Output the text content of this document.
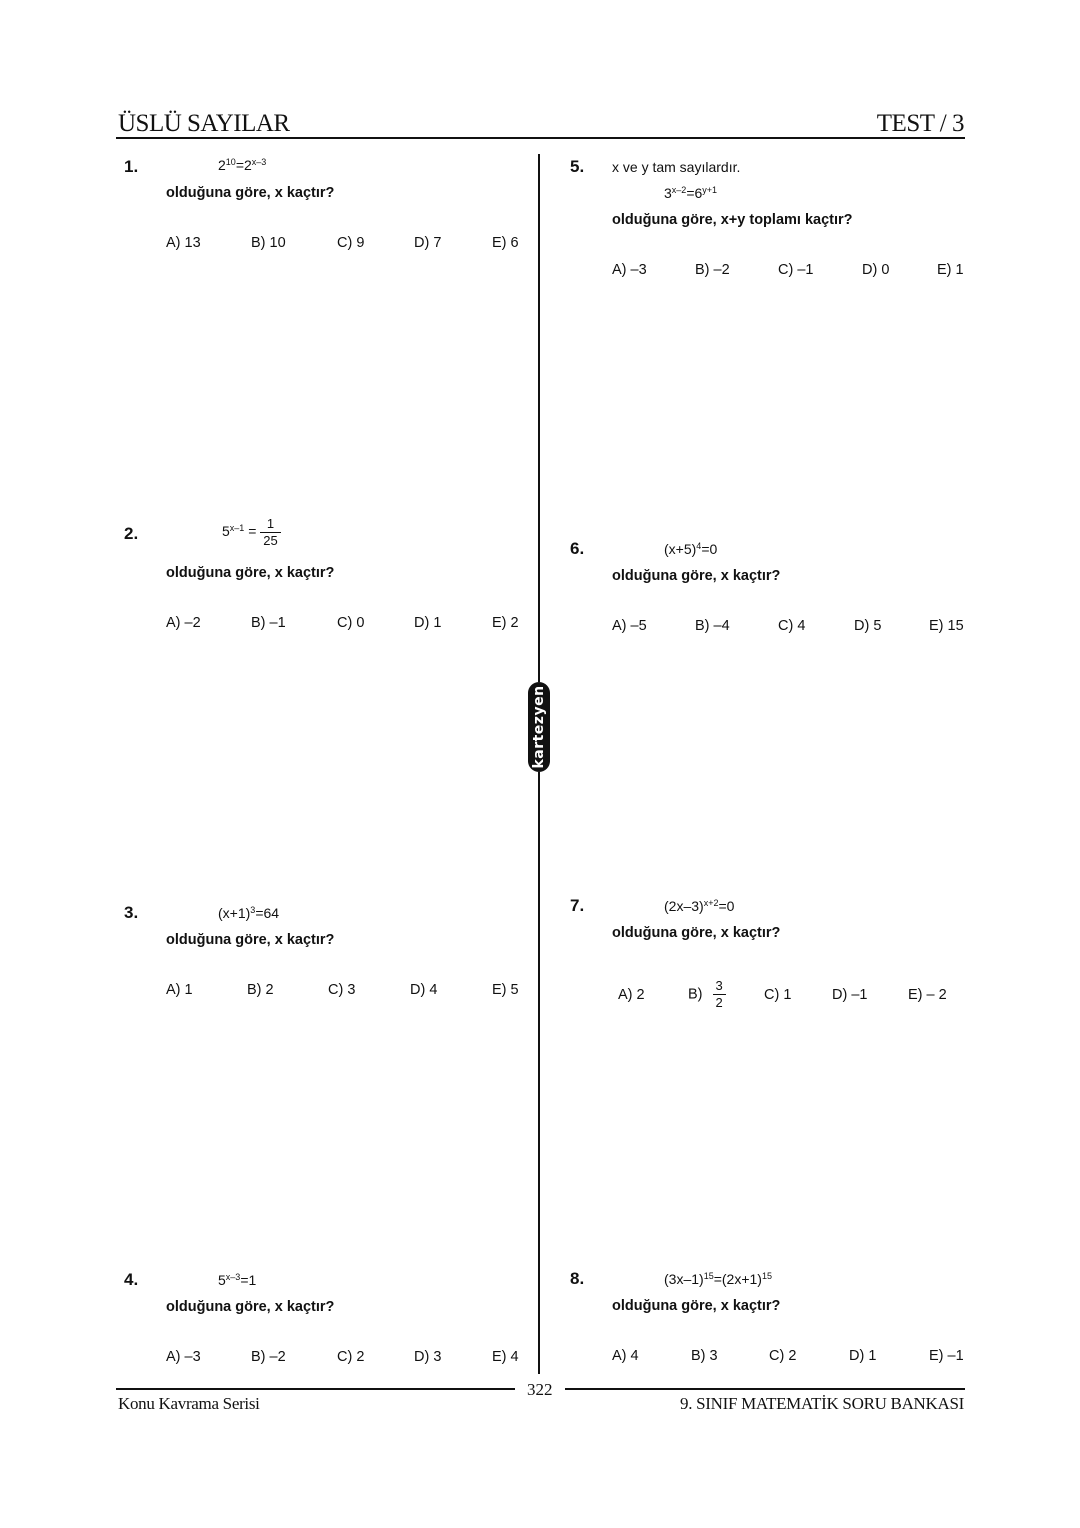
ÜSLÜ SAYILAR	TEST / 3
kartezyen
1.	$2^{10}=2^{x-3}$
olduğuna göre, x kaçtır?
A) 13	B) 10	C) 9	D) 7	E) 6
2.	$5^{x-1} = \frac{1}{25}$
olduğuna göre, x kaçtır?
A) –2	B) –1	C) 0	D) 1	E) 2
3.	$(x+1)^3=64$
olduğuna göre, x kaçtır?
A) 1	B) 2	C) 3	D) 4	E) 5
4.	$5^{x-3}=1$
olduğuna göre, x kaçtır?
A) –3	B) –2	C) 2	D) 3	E) 4
5. x ve y tam sayılardır.
$3^{x-2}=6^{y+1}$
olduğuna göre, x+y toplamı kaçtır?
A) –3	B) –2	C) –1	D) 0	E) 1
6.	$(x+5)^4=0$
olduğuna göre, x kaçtır?
A) –5	B) –4	C) 4	D) 5	E) 15
7.	$(2x-3)^{x+2}=0$
olduğuna göre, x kaçtır?
A) 2	$B) \frac{3}{2}$	C) 1	D) –1	E) – 2
8.	$(3x-1)^{15}=(2x+1)^{15}$
olduğuna göre, x kaçtır?
A) 4	B) 3	C) 2	D) 1	E) –1
322
Konu Kavrama Serisi	9. SINIF MATEMATİK SORU BANKASI
